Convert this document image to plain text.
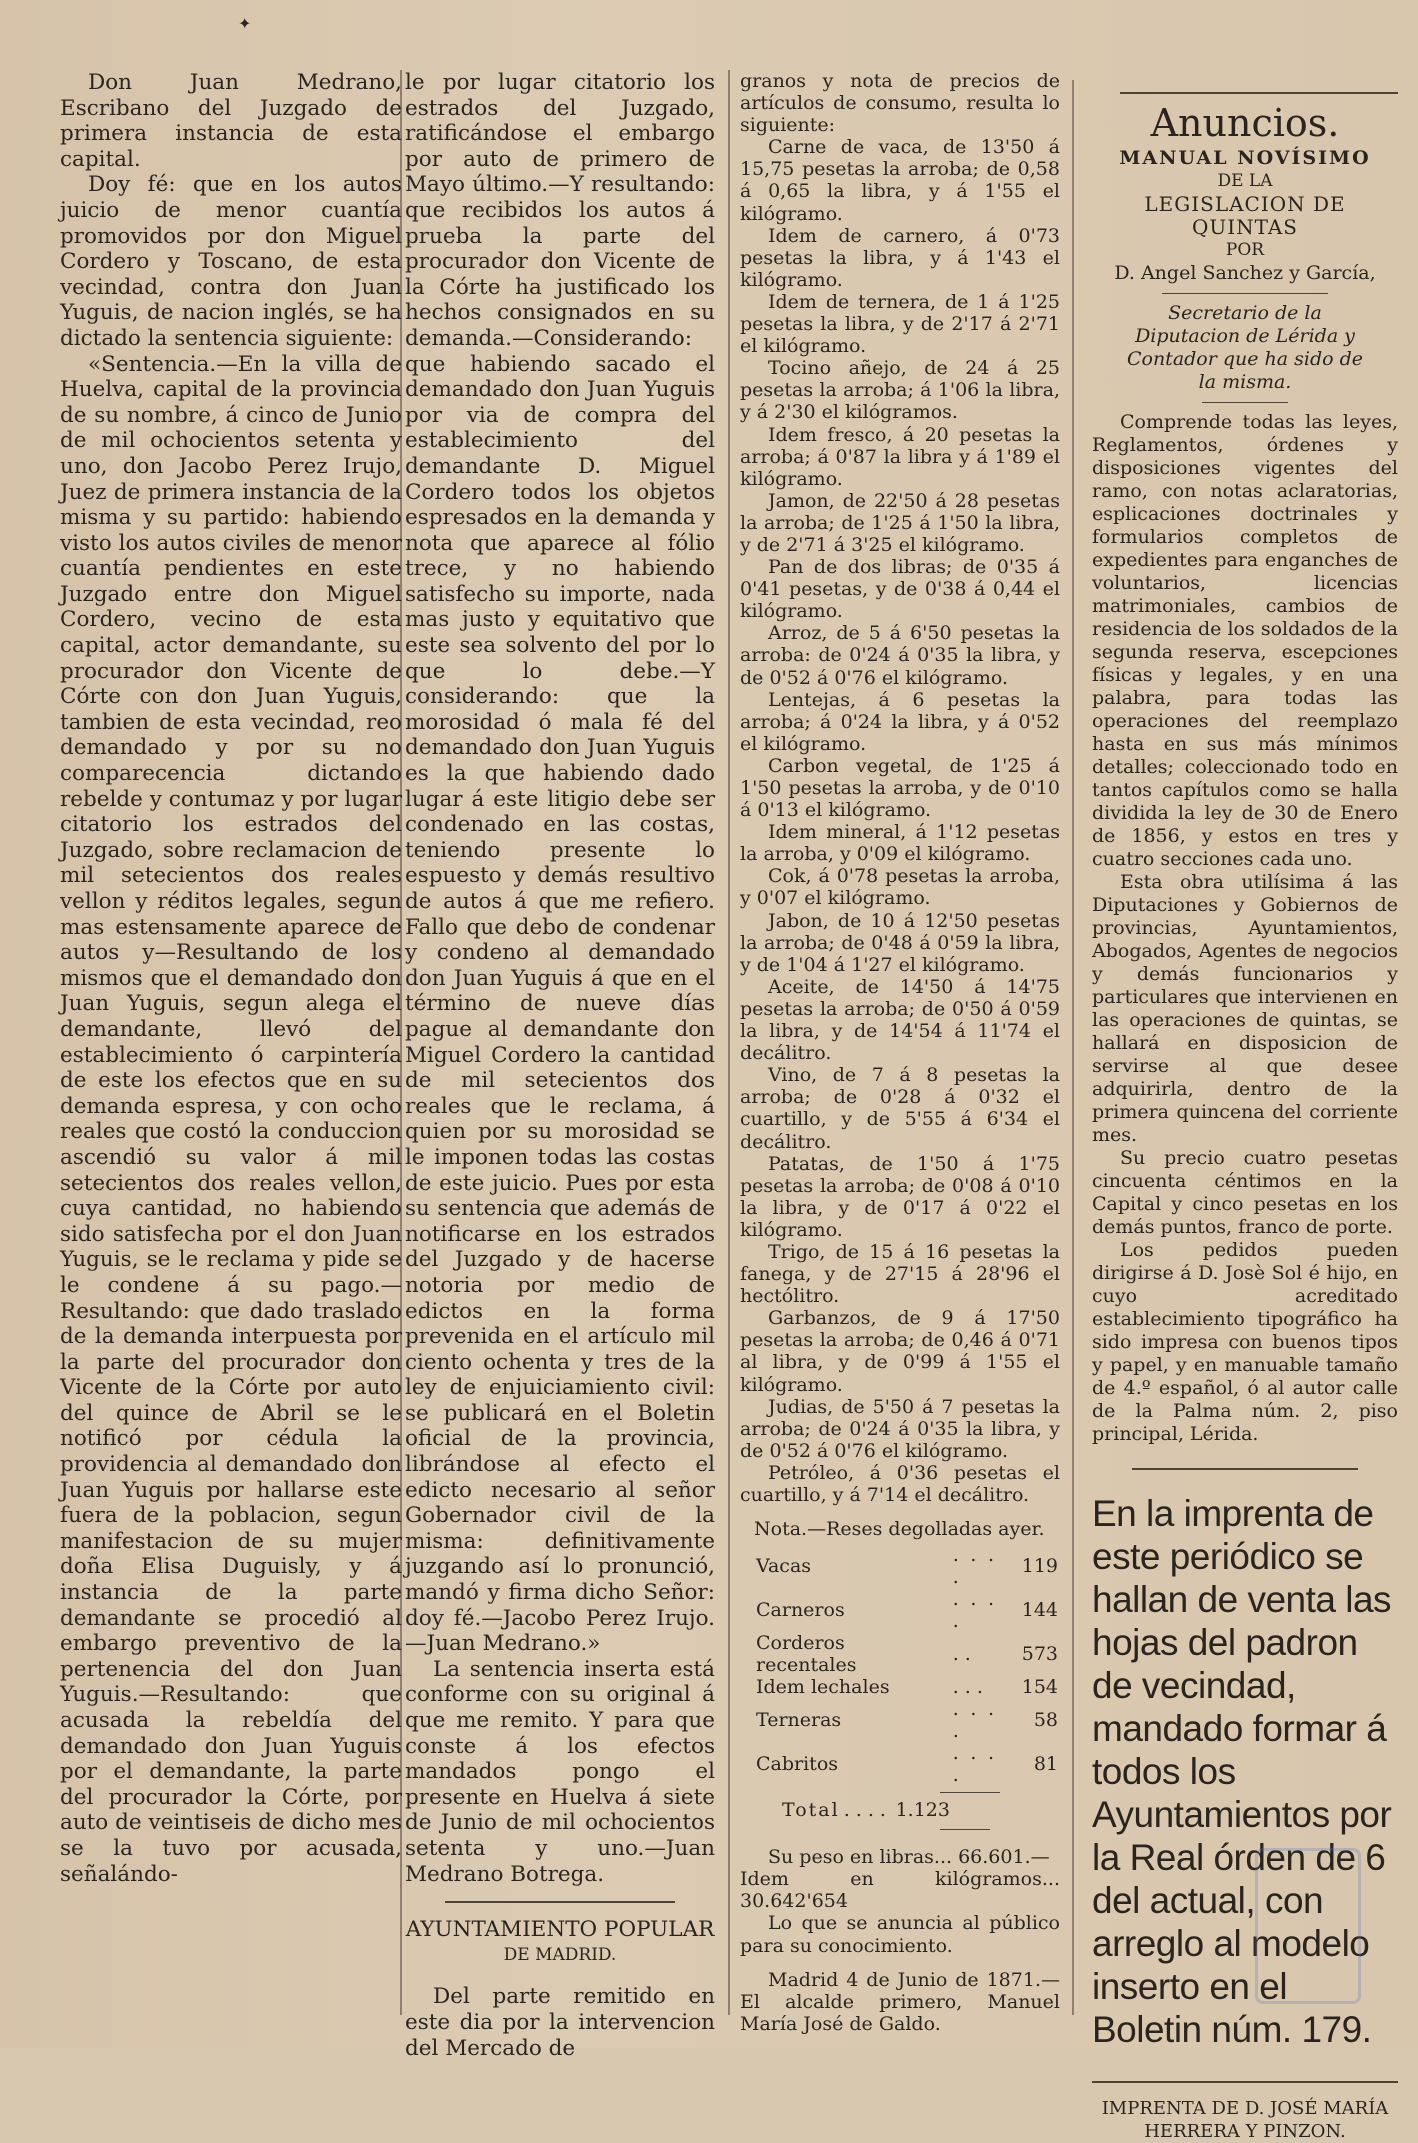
✦

Don Juan Medrano, Escribano del Juzgado de primera instancia de esta capital.

Doy fé: que en los autos juicio de menor cuantía promovidos por don Miguel Cordero y Toscano, de esta vecindad, contra don Juan Yuguis, de nacion inglés, se ha dictado la sentencia siguiente:

«Sentencia.—En la villa de Huelva, capital de la provincia de su nombre, á cinco de Junio de mil ochocientos setenta y uno, don Jacobo Perez Irujo, Juez de primera instancia de la misma y su partido: habiendo visto los autos civiles de menor cuantía pendientes en este Juzgado entre don Miguel Cordero, vecino de esta capital, actor demandante, su procurador don Vicente de Córte con don Juan Yuguis, tambien de esta vecindad, reo demandado y por su no comparecencia dictando rebelde y contumaz y por lugar citatorio los estrados del Juzgado, sobre reclamacion de mil setecientos dos reales vellon y réditos legales, segun mas estensamente aparece de autos y—Resultando de los mismos que el demandado don Juan Yuguis, segun alega el demandante, llevó del establecimiento ó carpintería de este los efectos que en su demanda espresa, y con ocho reales que costó la conduccion ascendió su valor á mil setecientos dos reales vellon, cuya cantidad, no habiendo sido satisfecha por el don Juan Yuguis, se le reclama y pide se le condene á su pago.—Resultando: que dado traslado de la demanda interpuesta por la parte del procurador don Vicente de la Córte por auto del quince de Abril se le notificó por cédula la providencia al demandado don Juan Yuguis por hallarse este fuera de la poblacion, segun manifestacion de su mujer doña Elisa Duguisly, y á instancia de la parte demandante se procedió al embargo preventivo de la pertenencia del don Juan Yuguis.—Resultando: que acusada la rebeldía del demandado don Juan Yuguis por el demandante, la parte del procurador la Córte, por auto de veintiseis de dicho mes se la tuvo por acusada, señalándo-

le por lugar citatorio los estrados del Juzgado, ratificándose el embargo por auto de primero de Mayo último.—Y resultando: que recibidos los autos á prueba la parte del procurador don Vicente de la Córte ha justificado los hechos consignados en su demanda.—Considerando: que habiendo sacado el demandado don Juan Yuguis por via de compra del establecimiento del demandante D. Miguel Cordero todos los objetos espresados en la demanda y nota que aparece al fólio trece, y no habiendo satisfecho su importe, nada mas justo y equitativo que este sea solvento del por lo que lo debe.—Y considerando: que la morosidad ó mala fé del demandado don Juan Yuguis es la que habiendo dado lugar á este litigio debe ser condenado en las costas, teniendo presente lo espuesto y demás resultivo de autos á que me refiero. Fallo que debo de condenar y condeno al demandado don Juan Yuguis á que en el término de nueve días pague al demandante don Miguel Cordero la cantidad de mil setecientos dos reales que le reclama, á quien por su morosidad se le imponen todas las costas de este juicio. Pues por esta su sentencia que además de notificarse en los estrados del Juzgado y de hacerse notoria por medio de edictos en la forma prevenida en el artículo mil ciento ochenta y tres de la ley de enjuiciamiento civil: se publicará en el Boletin oficial de la provincia, librándose al efecto el edicto necesario al señor Gobernador civil de la misma: definitivamente juzgando así lo pronunció, mandó y firma dicho Señor: doy fé.—Jacobo Perez Irujo.—Juan Medrano.»

La sentencia inserta está conforme con su original á que me remito. Y para que conste á los efectos mandados pongo el presente en Huelva á siete de Junio de mil ochocientos setenta y uno.—Juan Medrano Botrega.

AYUNTAMIENTO POPULAR
DE MADRID.

Del parte remitido en este dia por la intervencion del Mercado de

granos y nota de precios de artículos de consumo, resulta lo siguiente:

Carne de vaca, de 13'50 á 15,75 pesetas la arroba; de 0,58 á 0,65 la libra, y á 1'55 el kilógramo.

Idem de carnero, á 0'73 pesetas la libra, y á 1'43 el kilógramo.

Idem de ternera, de 1 á 1'25 pesetas la libra, y de 2'17 á 2'71 el kilógramo.

Tocino añejo, de 24 á 25 pesetas la arroba; á 1'06 la libra, y á 2'30 el kilógramos.

Idem fresco, á 20 pesetas la arroba; á 0'87 la libra y á 1'89 el kilógramo.

Jamon, de 22'50 á 28 pesetas la arroba; de 1'25 á 1'50 la libra, y de 2'71 á 3'25 el kilógramo.

Pan de dos libras; de 0'35 á 0'41 pesetas, y de 0'38 á 0,44 el kilógramo.

Arroz, de 5 á 6'50 pesetas la arroba: de 0'24 á 0'35 la libra, y de 0'52 á 0'76 el kilógramo.

Lentejas, á 6 pesetas la arroba; á 0'24 la libra, y á 0'52 el kilógramo.

Carbon vegetal, de 1'25 á 1'50 pesetas la arroba, y de 0'10 á 0'13 el kilógramo.

Idem mineral, á 1'12 pesetas la arroba, y 0'09 el kilógramo.

Cok, á 0'78 pesetas la arroba, y 0'07 el kilógramo.

Jabon, de 10 á 12'50 pesetas la arroba; de 0'48 á 0'59 la libra, y de 1'04 á 1'27 el kilógramo.

Aceite, de 14'50 á 14'75 pesetas la arroba; de 0'50 á 0'59 la libra, y de 14'54 á 11'74 el decálitro.

Vino, de 7 á 8 pesetas la arroba; de 0'28 á 0'32 el cuartillo, y de 5'55 á 6'34 el decálitro.

Patatas, de 1'50 á 1'75 pesetas la arroba; de 0'08 á 0'10 la libra, y de 0'17 á 0'22 el kilógramo.

Trigo, de 15 á 16 pesetas la fanega, y de 27'15 á 28'96 el hectólitro.

Garbanzos, de 9 á 17'50 pesetas la arroba; de 0,46 á 0'71 al libra, y de 0'99 á 1'55 el kilógramo.

Judias, de 5'50 á 7 pesetas la arroba; de 0'24 á 0'35 la libra, y de 0'52 á 0'76 el kilógramo.

Petróleo, á 0'36 pesetas el cuartillo, y á 7'14 el decálitro.

Nota.—Reses degolladas ayer.

Vacas	. . . .	119
Carneros	. . . .	144
Corderos recentales	. .	573
Idem lechales	. . .	154
Terneras	. . . .	58
Cabritos	. . . .	81
Total	. . . .	1.123

Su peso en libras... 66.601.—

Idem en kilógramos... 30.642'654

Lo que se anuncia al público para su conocimiento.

Madrid 4 de Junio de 1871.—El alcalde primero, Manuel María José de Galdo.

Anuncios.
MANUAL NOVÍSIMO
DE LA
LEGISLACION DE QUINTAS
POR
D. Angel Sanchez y García,

Secretario de la Diputacion de Lérida y Contador que ha sido de la misma.

Comprende todas las leyes, Reglamentos, órdenes y disposiciones vigentes del ramo, con notas aclaratorias, esplicaciones doctrinales y formularios completos de expedientes para enganches de voluntarios, licencias matrimoniales, cambios de residencia de los soldados de la segunda reserva, escepciones físicas y legales, y en una palabra, para todas las operaciones del reemplazo hasta en sus más mínimos detalles; coleccionado todo en tantos capítulos como se halla dividida la ley de 30 de Enero de 1856, y estos en tres y cuatro secciones cada uno.

Esta obra utilísima á las Diputaciones y Gobiernos de provincias, Ayuntamientos, Abogados, Agentes de negocios y demás funcionarios y particulares que intervienen en las operaciones de quintas, se hallará en disposicion de servirse al que desee adquirirla, dentro de la primera quincena del corriente mes.

Su precio cuatro pesetas cincuenta céntimos en la Capital y cinco pesetas en los demás puntos, franco de porte.

Los pedidos pueden dirigirse á D. Josè Sol é hijo, en cuyo acreditado establecimiento tipográfico ha sido impresa con buenos tipos y papel, y en manuable tamaño de 4.º español, ó al autor calle de la Palma núm. 2, piso principal, Lérida.

En la imprenta de este periódico se hallan de venta las hojas del padron de vecindad, mandado formar á todos los Ayuntamientos por la Real órden de 6 del actual, con arreglo al modelo inserto en el Boletin núm. 179.

IMPRENTA DE D. JOSÉ MARÍA HERRERA Y PINZON.
